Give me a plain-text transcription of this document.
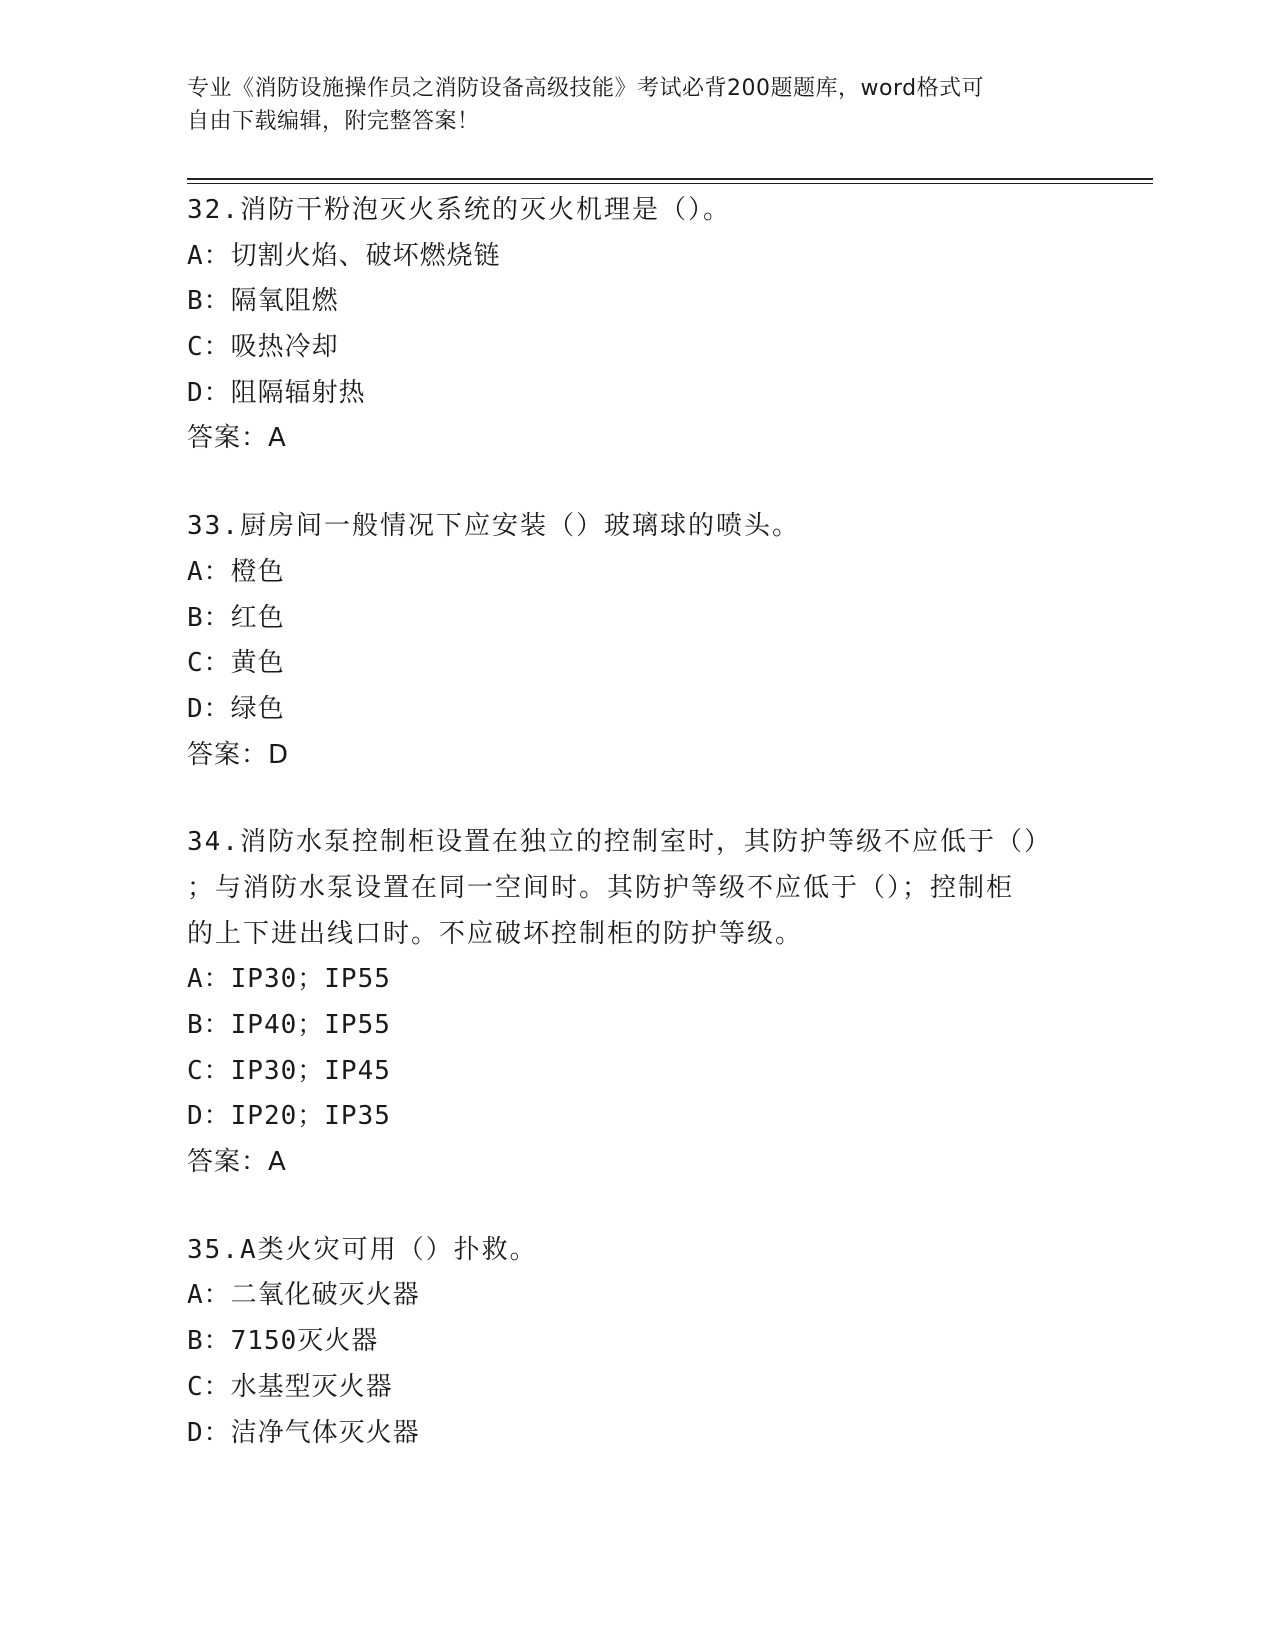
专业《消防设施操作员之消防设备高级技能》考试必背200题题库，word格式可
自由下载编辑，附完整答案！
32.消防干粉泡灭火系统的灭火机理是（）。
A：切割火焰、破坏燃烧链
B：隔氧阻燃
C：吸热冷却
D：阻隔辐射热
答案：A
33.厨房间一般情况下应安装（）玻璃球的喷头。
A：橙色
B：红色
C：黄色
D：绿色
答案：D
34.消防水泵控制柜设置在独立的控制室时，其防护等级不应低于（）
；与消防水泵设置在同一空间时。其防护等级不应低于（）；控制柜
的上下进出线口时。不应破坏控制柜的防护等级。
A：IP30；IP55
B：IP40；IP55
C：IP30；IP45
D：IP20；IP35
答案：A
35.A类火灾可用（）扑救。
A：二氧化破灭火器
B：7150灭火器
C：水基型灭火器
D：洁净气体灭火器
